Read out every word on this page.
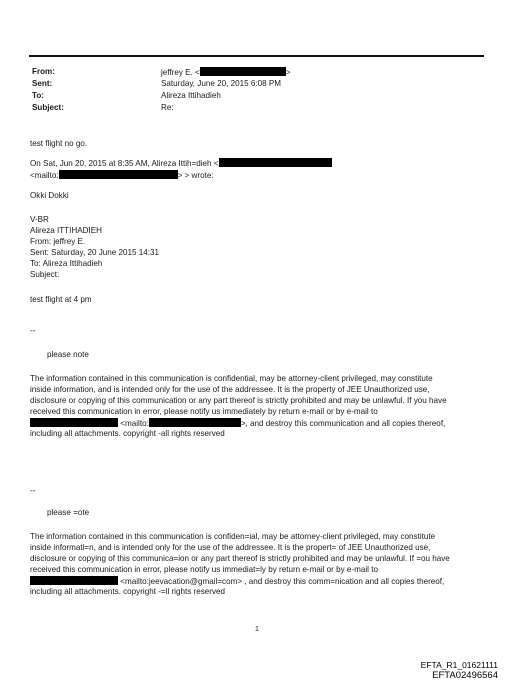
From:	jeffrey E. <	>
Sent:	Saturday, June 20, 2015 6:08 PM
To:	Alireza Ittihadieh
Subject:	Re:
test flight no go.
On Sat, Jun 20, 2015 at 8:35 AM, Alireza Ittih=dieh <
<mailto:	> > wrote:
Okki Dokki
V-BR
Alireza ITTIHADIEH
From: jeffrey E.
Sent: Saturday, 20 June 2015 14:31
To: Alireza Ittihadieh
Subject:
test flight at 4 pm
--
please note
The information contained in this communication is confidential, may be attorney-client privileged, may constitute
inside information, and is intended only for the use of the addressee. It is the property of JEE Unauthorized use,
disclosure or copying of this communication or any part thereof is strictly prohibited and may be unlawful. If you have
received this communication in error, please notify us immediately by return e-mail or by e-mail to
<mailto:	>, and destroy this communication and all copies thereof,
including all attachments. copyright -all rights reserved
--
please =ote
The information contained in this communication is confiden=ial, may be attorney-client privileged, may constitute
inside informati=n, and is intended only for the use of the addressee. It is the propert= of JEE Unauthorized use,
disclosure or copying of this communica=ion or any part thereof is strictly prohibited and may be unlawful. If =ou have
received this communication in error, please notify us immediat=ly by return e-mail or by e-mail to
<mailto:jeevacation@gmail=com> , and destroy this comm=nication and all copies thereof,
including all attachments. copyright -=ll rights reserved
1
EFTA_R1_01621111
EFTA02496564
